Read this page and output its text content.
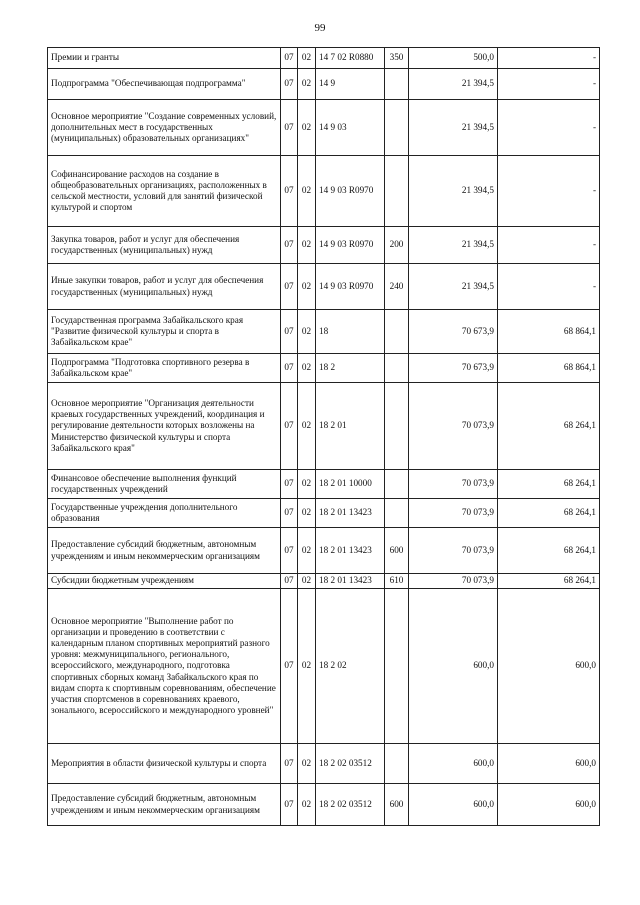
99
Премии и гранты	07	02	14 7 02 R0880	350	500,0	-
Подпрограмма "Обеспечивающая подпрограмма"	07	02	14 9		21 394,5	-
Основное мероприятие "Создание современных условий, дополнительных мест в государственных (муниципальных) образовательных организациях"	07	02	14 9 03		21 394,5	-
Софинансирование расходов на создание в общеобразовательных организациях, расположенных в сельской местности, условий для занятий физической культурой и спортом	07	02	14 9 03 R0970		21 394,5	-
Закупка товаров, работ и услуг для обеспечения государственных (муниципальных) нужд	07	02	14 9 03 R0970	200	21 394,5	-
Иные закупки товаров, работ и услуг для обеспечения государственных (муниципальных) нужд	07	02	14 9 03 R0970	240	21 394,5	-
Государственная программа Забайкальского края "Развитие физической культуры и спорта в Забайкальском крае"	07	02	18		70 673,9	68 864,1
Подпрограмма "Подготовка спортивного резерва в Забайкальском крае"	07	02	18 2		70 673,9	68 864,1
Основное мероприятие "Организация деятельности краевых государственных учреждений, координация и регулирование деятельности которых возложены на Министерство физической культуры и спорта Забайкальского края"	07	02	18 2 01		70 073,9	68 264,1
Финансовое обеспечение выполнения функций государственных учреждений	07	02	18 2 01 10000		70 073,9	68 264,1
Государственные учреждения дополнительного образования	07	02	18 2 01 13423		70 073,9	68 264,1
Предоставление субсидий бюджетным, автономным учреждениям и иным некоммерческим организациям	07	02	18 2 01 13423	600	70 073,9	68 264,1
Субсидии бюджетным учреждениям	07	02	18 2 01 13423	610	70 073,9	68 264,1
Основное мероприятие "Выполнение работ по организации и проведению в соответствии с календарным планом спортивных мероприятий разного уровня: межмуниципального, регионального, всероссийского, международного, подготовка спортивных сборных команд Забайкальского края по видам спорта к спортивным соревнованиям, обеспечение участия спортсменов в соревнованиях краевого, зонального, всероссийского и международного уровней"	07	02	18 2 02		600,0	600,0
Мероприятия в области физической культуры и спорта	07	02	18 2 02 03512		600,0	600,0
Предоставление субсидий бюджетным, автономным учреждениям и иным некоммерческим организациям	07	02	18 2 02 03512	600	600,0	600,0
